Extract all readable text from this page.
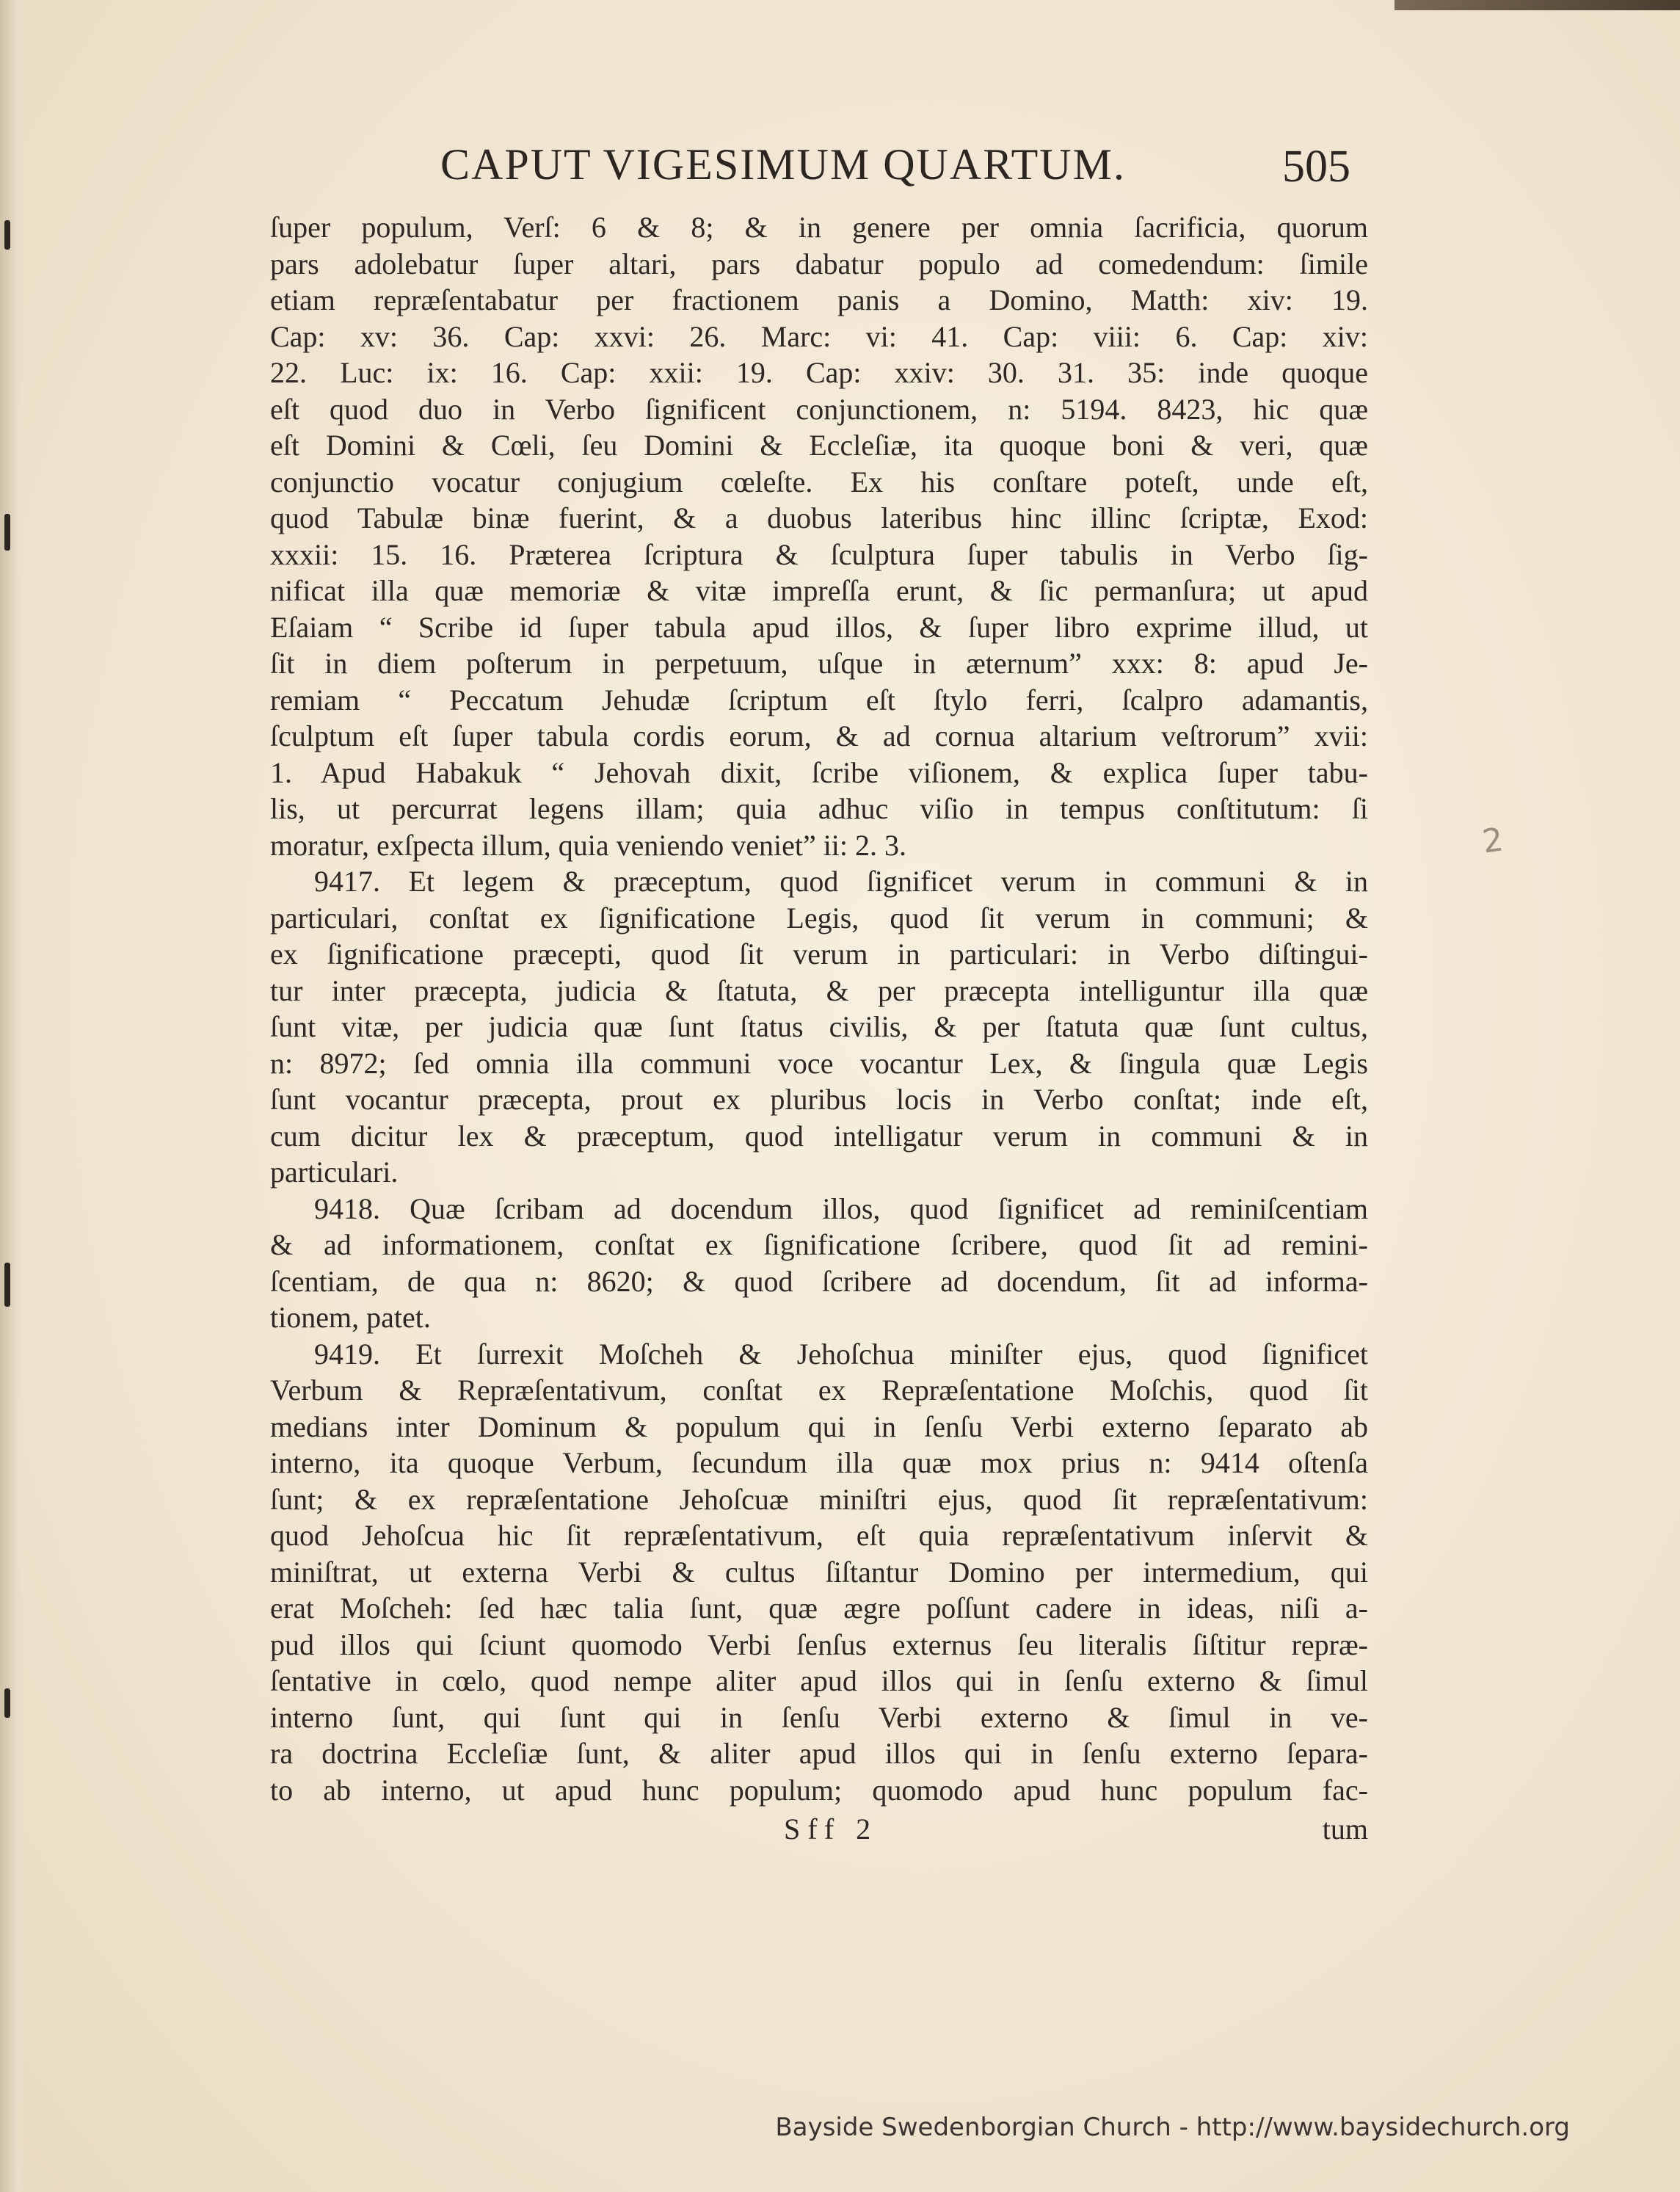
CAPUT VIGESIMUM QUARTUM.	505
ſuper populum, Verſ: 6 & 8; & in genere per omnia ſacrificia, quorum
pars adolebatur ſuper altari, pars dabatur populo ad comedendum: ſimile
etiam repræſentabatur per fractionem panis a Domino, Matth: xiv: 19.
Cap: xv: 36. Cap: xxvi: 26. Marc: vi: 41. Cap: viii: 6. Cap: xiv:
22. Luc: ix: 16. Cap: xxii: 19. Cap: xxiv: 30. 31. 35: inde quoque
eſt quod duo in Verbo ſignificent conjunctionem, n: 5194. 8423, hic quæ
eſt Domini & Cœli, ſeu Domini & Eccleſiæ, ita quoque boni & veri, quæ
conjunctio vocatur conjugium cœleſte. Ex his conſtare poteſt, unde eſt,
quod Tabulæ binæ fuerint, & a duobus lateribus hinc illinc ſcriptæ, Exod:
xxxii: 15. 16. Præterea ſcriptura & ſculptura ſuper tabulis in Verbo ſig-
nificat illa quæ memoriæ & vitæ impreſſa erunt, & ſic permanſura; ut apud
Eſaiam “ Scribe id ſuper tabula apud illos, & ſuper libro exprime illud, ut
ſit in diem poſterum in perpetuum, uſque in æternum” xxx: 8: apud Je-
remiam “ Peccatum Jehudæ ſcriptum eſt ſtylo ferri, ſcalpro adamantis,
ſculptum eſt ſuper tabula cordis eorum, & ad cornua altarium veſtrorum” xvii:
1. Apud Habakuk “ Jehovah dixit, ſcribe viſionem, & explica ſuper tabu-
lis, ut percurrat legens illam; quia adhuc viſio in tempus conſtitutum: ſi
moratur, exſpecta illum, quia veniendo veniet” ii: 2. 3.
9417. Et legem & præceptum, quod ſignificet verum in communi & in
particulari, conſtat ex ſignificatione Legis, quod ſit verum in communi; &
ex ſignificatione præcepti, quod ſit verum in particulari: in Verbo diſtingui-
tur inter præcepta, judicia & ſtatuta, & per præcepta intelliguntur illa quæ
ſunt vitæ, per judicia quæ ſunt ſtatus civilis, & per ſtatuta quæ ſunt cultus,
n: 8972; ſed omnia illa communi voce vocantur Lex, & ſingula quæ Legis
ſunt vocantur præcepta, prout ex pluribus locis in Verbo conſtat; inde eſt,
cum dicitur lex & præceptum, quod intelligatur verum in communi & in
particulari.
9418. Quæ ſcribam ad docendum illos, quod ſignificet ad reminiſcentiam
& ad informationem, conſtat ex ſignificatione ſcribere, quod ſit ad remini-
ſcentiam, de qua n: 8620; & quod ſcribere ad docendum, ſit ad informa-
tionem, patet.
9419. Et ſurrexit Moſcheh & Jehoſchua miniſter ejus, quod ſignificet
Verbum & Repræſentativum, conſtat ex Repræſentatione Moſchis, quod ſit
medians inter Dominum & populum qui in ſenſu Verbi externo ſeparato ab
interno, ita quoque Verbum, ſecundum illa quæ mox prius n: 9414 oſtenſa
ſunt; & ex repræſentatione Jehoſcuæ miniſtri ejus, quod ſit repræſentativum:
quod Jehoſcua hic ſit repræſentativum, eſt quia repræſentativum inſervit &
miniſtrat, ut externa Verbi & cultus ſiſtantur Domino per intermedium, qui
erat Moſcheh: ſed hæc talia ſunt, quæ ægre poſſunt cadere in ideas, niſi a-
pud illos qui ſciunt quomodo Verbi ſenſus externus ſeu literalis ſiſtitur repræ-
ſentative in cœlo, quod nempe aliter apud illos qui in ſenſu externo & ſimul
interno ſunt, qui ſunt qui in ſenſu Verbi externo & ſimul in ve-
ra doctrina Eccleſiæ ſunt, & aliter apud illos qui in ſenſu externo ſepara-
to ab interno, ut apud hunc populum; quomodo apud hunc populum fac-
Sff 2	tum
2
Bayside Swedenborgian Church - http://www.baysidechurch.org
